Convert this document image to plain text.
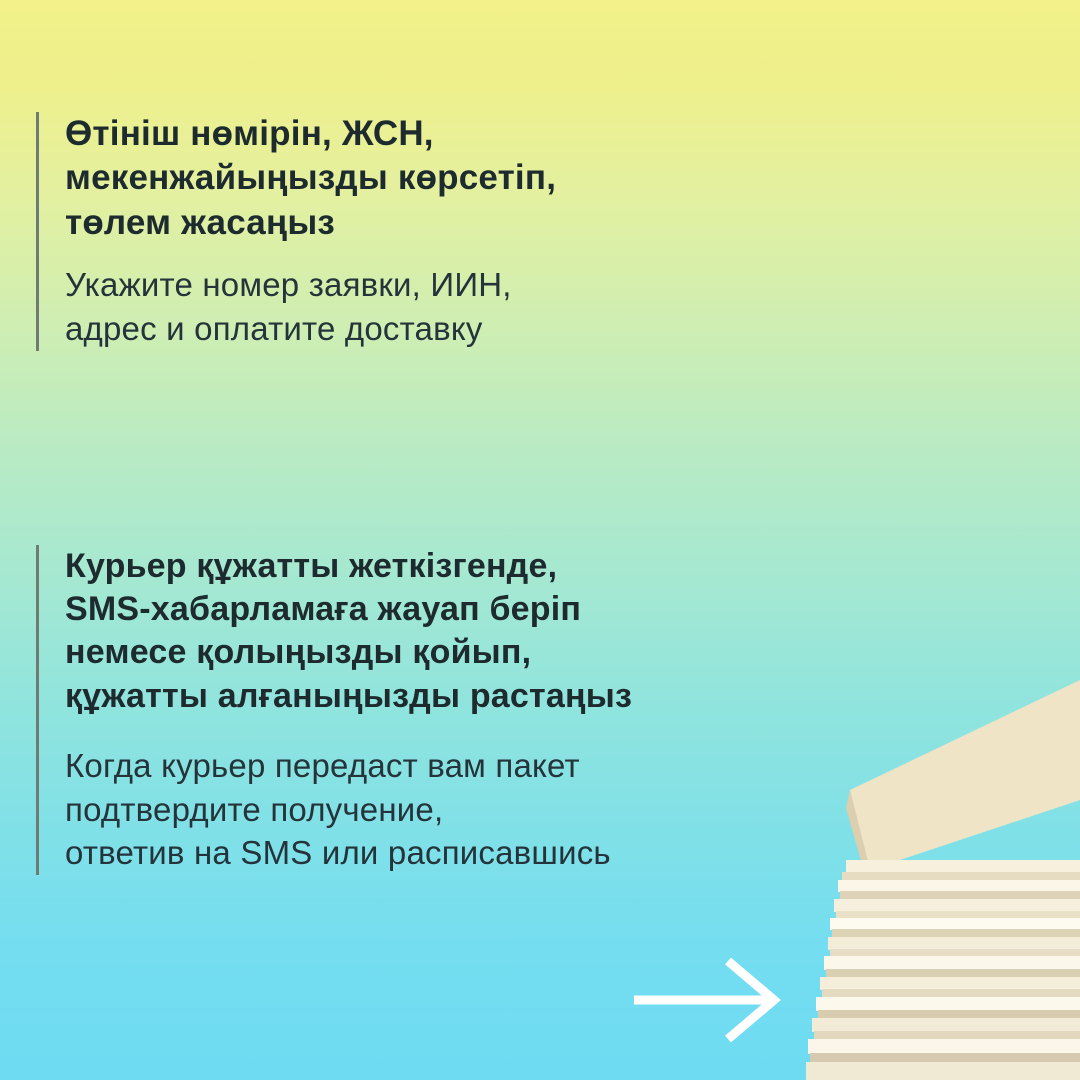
Өтініш нөмірін, ЖСН,
мекенжайыңызды көрсетіп,
төлем жасаңыз

Укажите номер заявки, ИИН,
адрес и оплатите доставку

Курьер құжатты жеткізгенде,
SMS-хабарламаға жауап беріп
немесе қолыңызды қойып,
құжатты алғаныңызды растаңыз

Когда курьер передаст вам пакет
подтвердите получение,
ответив на SMS или расписавшись
